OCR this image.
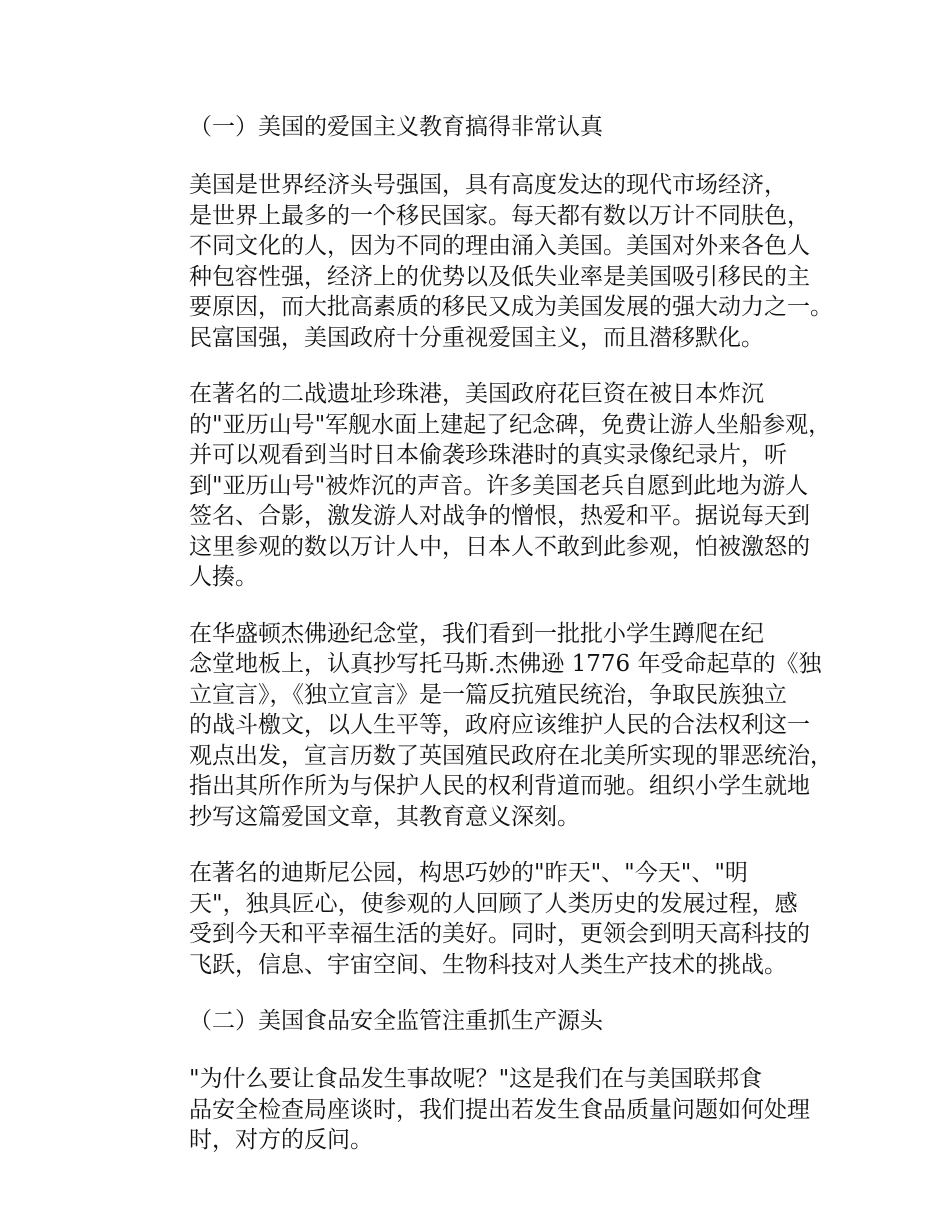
（一）美国的爱国主义教育搞得非常认真
美国是世界经济头号强国，具有高度发达的现代市场经济，
是世界上最多的一个移民国家。每天都有数以万计不同肤色，
不同文化的人，因为不同的理由涌入美国。美国对外来各色人
种包容性强，经济上的优势以及低失业率是美国吸引移民的主
要原因，而大批高素质的移民又成为美国发展的强大动力之一。
民富国强，美国政府十分重视爱国主义，而且潜移默化。
在著名的二战遗址珍珠港，美国政府花巨资在被日本炸沉
的"亚历山号"军舰水面上建起了纪念碑，免费让游人坐船参观，
并可以观看到当时日本偷袭珍珠港时的真实录像纪录片，听
到"亚历山号"被炸沉的声音。许多美国老兵自愿到此地为游人
签名、合影，激发游人对战争的憎恨，热爱和平。据说每天到
这里参观的数以万计人中，日本人不敢到此参观，怕被激怒的
人揍。
在华盛顿杰佛逊纪念堂，我们看到一批批小学生蹲爬在纪
念堂地板上，认真抄写托马斯.杰佛逊 1776 年受命起草的《独
立宣言》，《独立宣言》是一篇反抗殖民统治，争取民族独立
的战斗檄文，以人生平等，政府应该维护人民的合法权利这一
观点出发，宣言历数了英国殖民政府在北美所实现的罪恶统治，
指出其所作所为与保护人民的权利背道而驰。组织小学生就地
抄写这篇爱国文章，其教育意义深刻。
在著名的迪斯尼公园，构思巧妙的"昨天"、"今天"、"明
天"，独具匠心，使参观的人回顾了人类历史的发展过程，感
受到今天和平幸福生活的美好。同时，更领会到明天高科技的
飞跃，信息、宇宙空间、生物科技对人类生产技术的挑战。
（二）美国食品安全监管注重抓生产源头
"为什么要让食品发生事故呢？"这是我们在与美国联邦食
品安全检查局座谈时，我们提出若发生食品质量问题如何处理
时，对方的反问。
